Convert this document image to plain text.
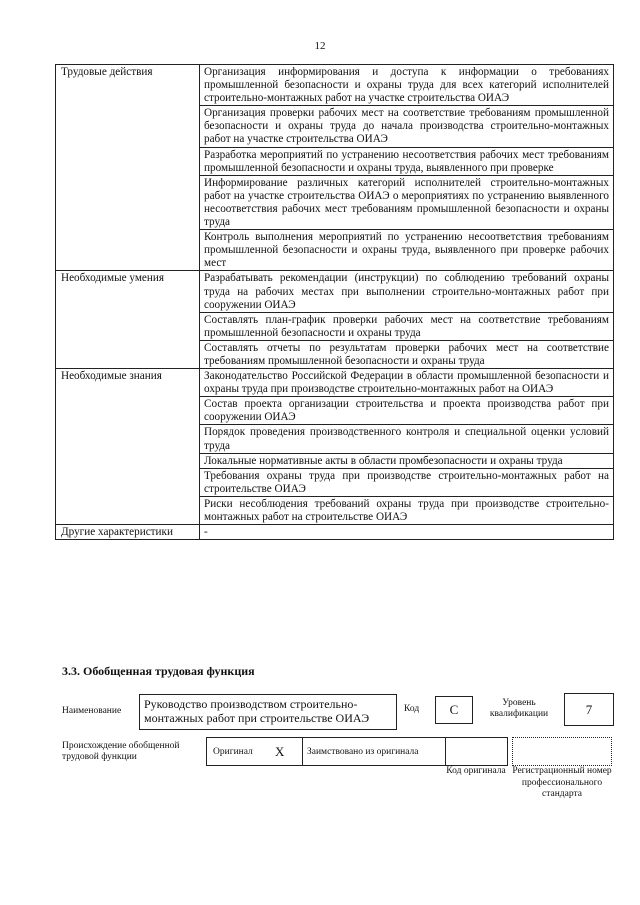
12
Трудовые действия	Организация информирования и доступа к информации о требованиях промышленной безопасности и охраны труда для всех категорий исполнителей строительно-монтажных работ на участке строительства ОИАЭ
	Организация проверки рабочих мест на соответствие требованиям промышленной безопасности и охраны труда до начала производства строительно-монтажных работ на участке строительства ОИАЭ
	Разработка мероприятий по устранению несоответствия рабочих мест требованиям промышленной безопасности и охраны труда, выявленного при проверке
	Информирование различных категорий исполнителей строительно-монтажных работ на участке строительства ОИАЭ о мероприятиях по устранению выявленного несоответствия рабочих мест требованиям промышленной безопасности и охраны труда
	Контроль выполнения мероприятий по устранению несоответствия требованиям промышленной безопасности и охраны труда, выявленного при проверке рабочих мест
Необходимые умения	Разрабатывать рекомендации (инструкции) по соблюдению требований охраны труда на рабочих местах при выполнении строительно-монтажных работ при сооружении ОИАЭ
	Составлять план-график проверки рабочих мест на соответствие требованиям промышленной безопасности и охраны труда
	Составлять отчеты по результатам проверки рабочих мест на соответствие требованиям промышленной безопасности и охраны труда
Необходимые знания	Законодательство Российской Федерации в области промышленной безопасности и охраны труда при производстве строительно-монтажных работ на ОИАЭ
	Состав проекта организации строительства и проекта производства работ при сооружении ОИАЭ
	Порядок проведения производственного контроля и специальной оценки условий труда
	Локальные нормативные акты в области промбезопасности и охраны труда
	Требования охраны труда при производстве строительно-монтажных работ на строительстве ОИАЭ
	Риски несоблюдения требований охраны труда при производстве строительно-монтажных работ на строительстве ОИАЭ
Другие характеристики	-
3.3. Обобщенная трудовая функция
Наименование	Руководство производством строительно-монтажных работ при строительстве ОИАЭ
Код	C	Уровень квалификации	7
Происхождение обобщенной трудовой функции	Оригинал X Заимствовано из оригинала
Код оригинала Регистрационный номер профессионального стандарта
